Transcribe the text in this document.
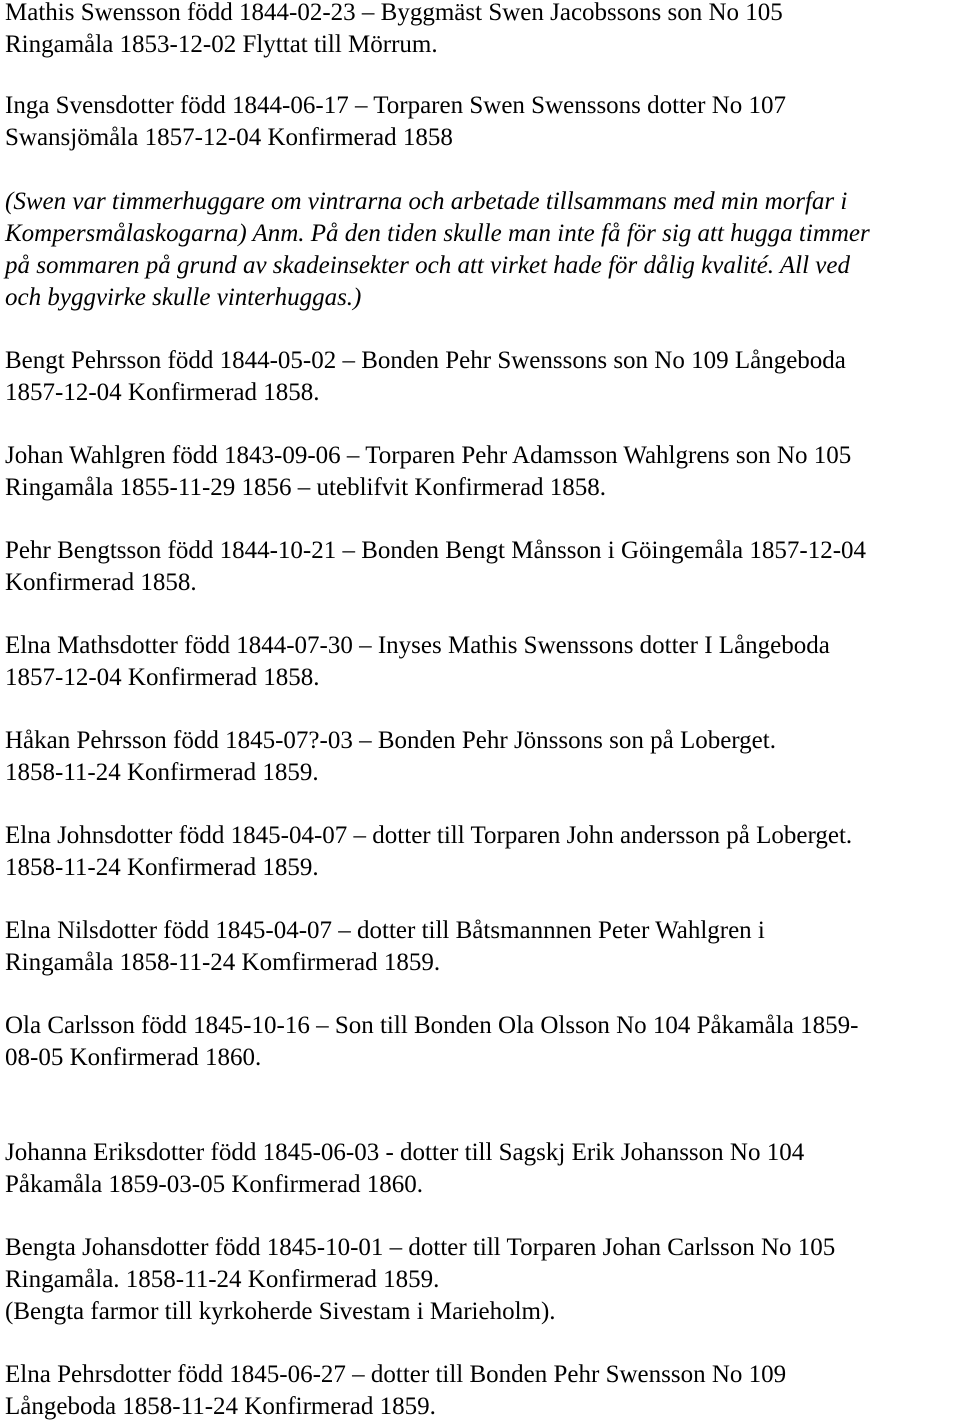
Mathis Swensson född 1844-02-23 – Byggmäst Swen Jacobssons son No 105
Ringamåla 1853-12-02 Flyttat till Mörrum.
Inga Svensdotter född 1844-06-17 – Torparen Swen Swenssons dotter No 107
Swansjömåla 1857-12-04 Konfirmerad 1858
(Swen var timmerhuggare om vintrarna och arbetade tillsammans med min morfar i
Kompersmålaskogarna) Anm. På den tiden skulle man inte få för sig att hugga timmer
på sommaren på grund av skadeinsekter och att virket hade för dålig kvalité. All ved
och byggvirke skulle vinterhuggas.)
Bengt Pehrsson född 1844-05-02 – Bonden Pehr Swenssons son No 109 Långeboda
1857-12-04 Konfirmerad 1858.
Johan Wahlgren född 1843-09-06 – Torparen Pehr Adamsson Wahlgrens son No 105
Ringamåla 1855-11-29 1856 – uteblifvit Konfirmerad 1858.
Pehr Bengtsson född 1844-10-21 – Bonden Bengt Månsson i Göingemåla 1857-12-04
Konfirmerad 1858.
Elna Mathsdotter född 1844-07-30 – Inyses Mathis Swenssons dotter I Långeboda
1857-12-04 Konfirmerad 1858.
Håkan Pehrsson född 1845-07?-03 – Bonden Pehr Jönssons son på Loberget.
1858-11-24 Konfirmerad 1859.
Elna Johnsdotter född 1845-04-07 – dotter till Torparen John andersson på Loberget.
1858-11-24 Konfirmerad 1859.
Elna Nilsdotter född 1845-04-07 – dotter till Båtsmannnen Peter Wahlgren i
Ringamåla 1858-11-24 Komfirmerad 1859.
Ola Carlsson född 1845-10-16 – Son till Bonden Ola Olsson No 104 Påkamåla 1859-
08-05 Konfirmerad 1860.
Johanna Eriksdotter född 1845-06-03 - dotter till Sagskj Erik Johansson No 104
Påkamåla 1859-03-05 Konfirmerad 1860.
Bengta Johansdotter född 1845-10-01 – dotter till Torparen Johan Carlsson No 105
Ringamåla. 1858-11-24 Konfirmerad 1859.
(Bengta farmor till kyrkoherde Sivestam i Marieholm).
Elna Pehrsdotter född 1845-06-27 – dotter till Bonden Pehr Swensson No 109
Långeboda 1858-11-24 Konfirmerad 1859.
